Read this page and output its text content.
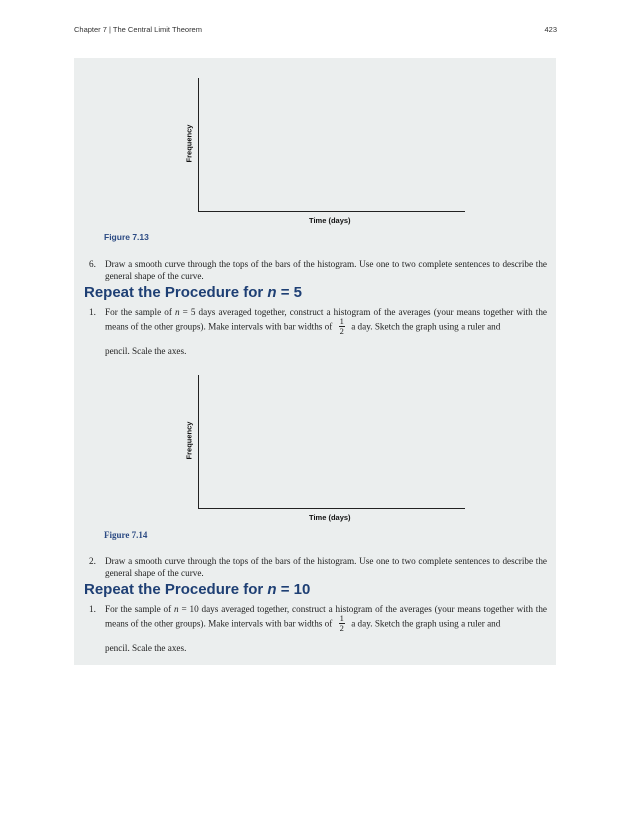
Chapter 7 | The Central Limit Theorem	423
Frequency
Time (days)
Figure 7.13
6. Draw a smooth curve through the tops of the bars of the histogram. Use one to two complete sentences to describe the general shape of the curve.
Repeat the Procedure for n = 5
1. For the sample of n = 5 days averaged together, construct a histogram of the averages (your means together with the means of the other groups). Make intervals with bar widths of $\frac{1}{2}$ a day. Sketch the graph using a ruler and
pencil. Scale the axes.
Frequency
Time (days)
Figure 7.14
2. Draw a smooth curve through the tops of the bars of the histogram. Use one to two complete sentences to describe the general shape of the curve.
Repeat the Procedure for n = 10
1. For the sample of n = 10 days averaged together, construct a histogram of the averages (your means together with the means of the other groups). Make intervals with bar widths of $\frac{1}{2}$ a day. Sketch the graph using a ruler and
pencil. Scale the axes.
